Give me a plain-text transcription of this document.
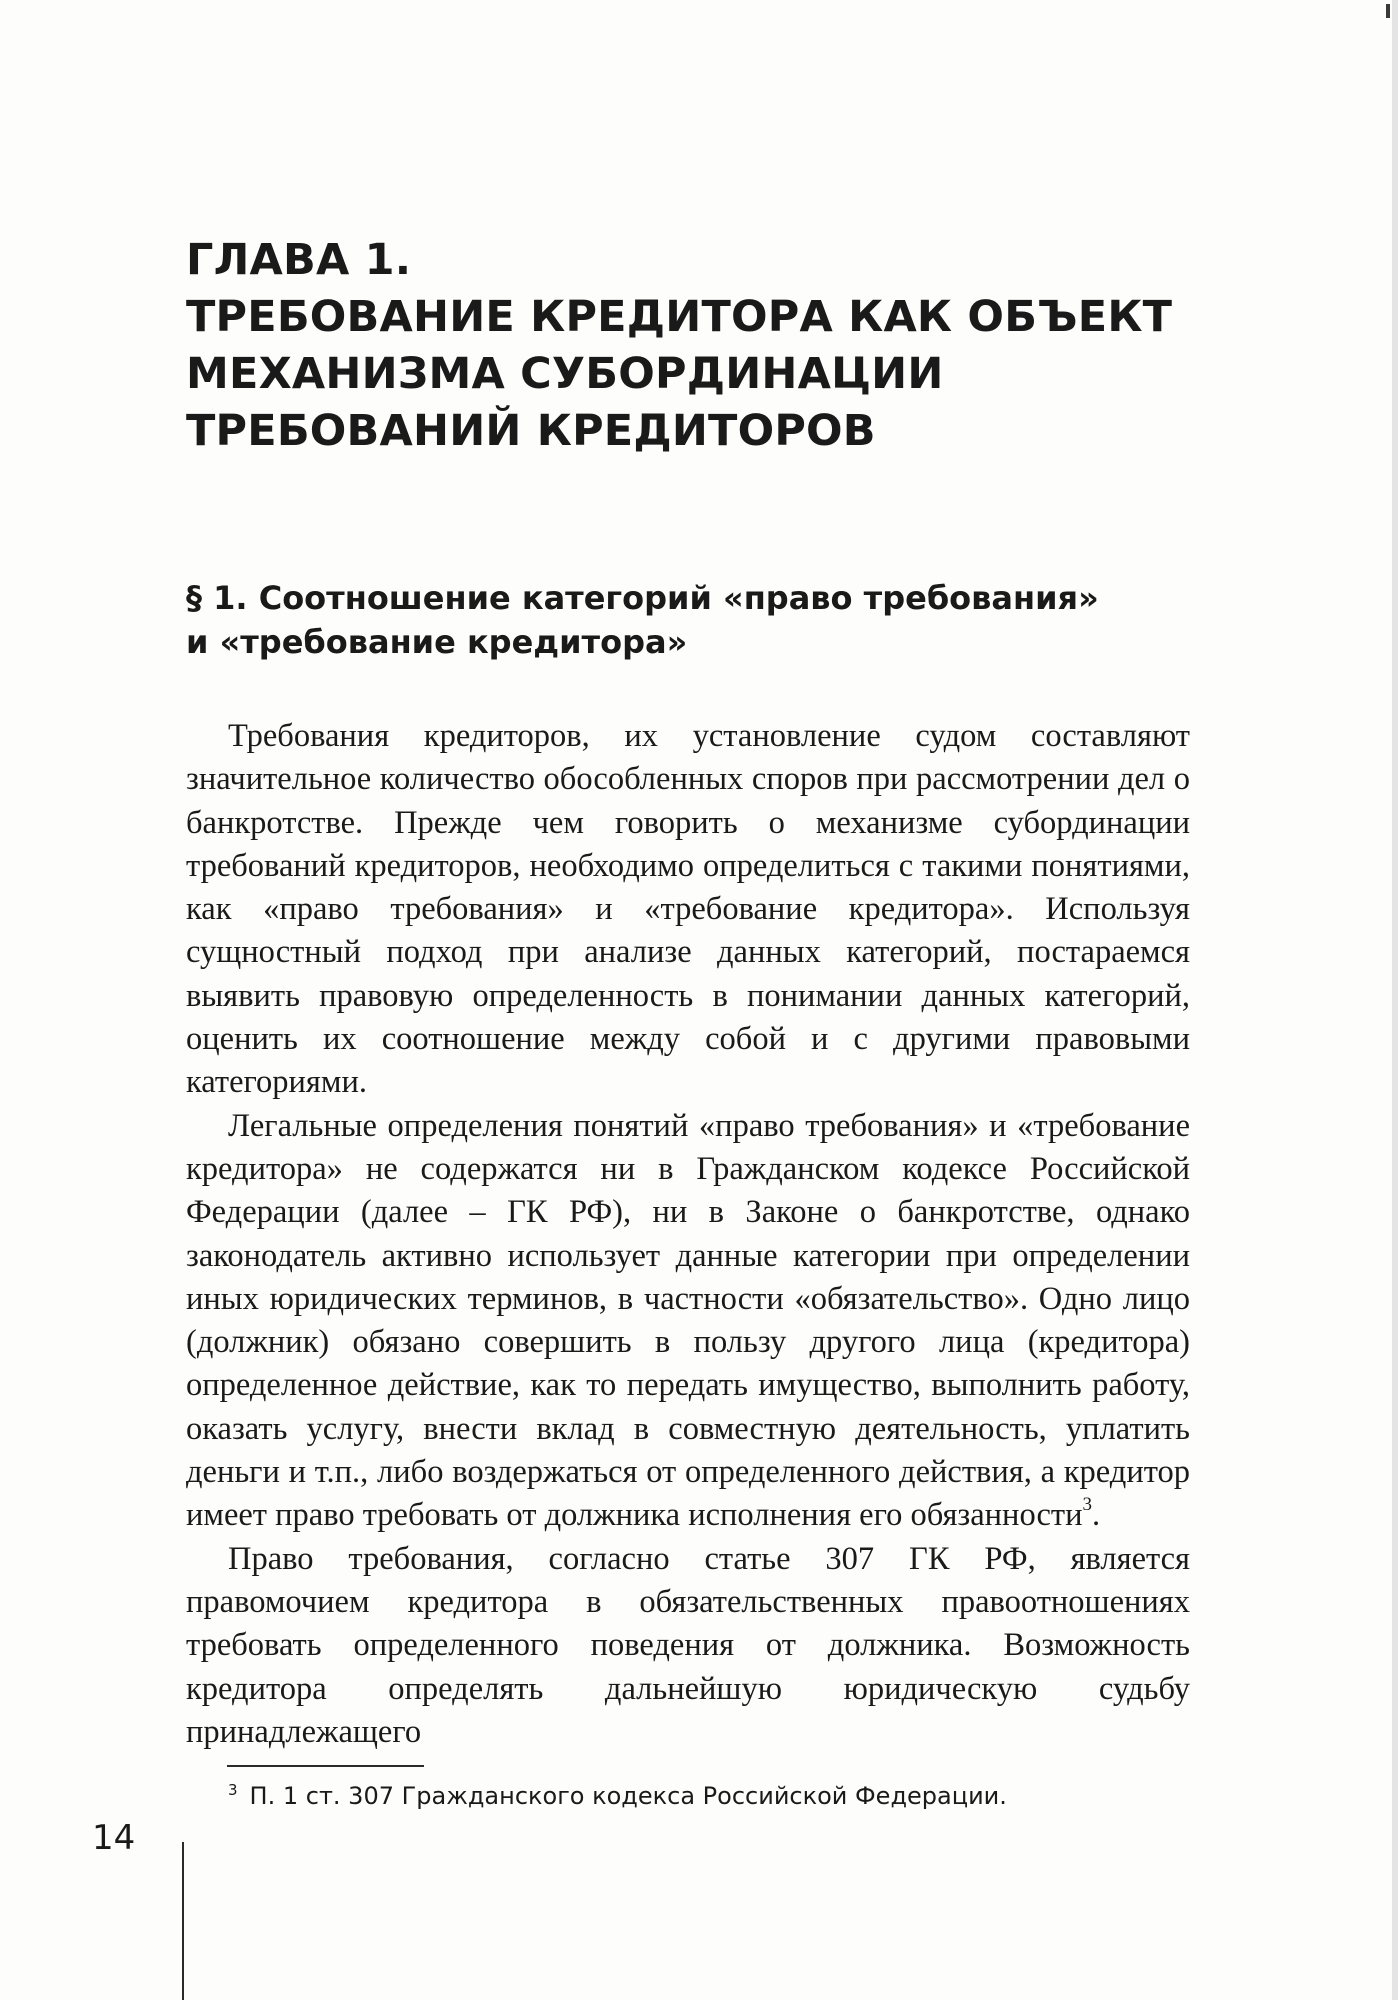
ГЛАВА 1.
ТРЕБОВАНИЕ КРЕДИТОРА КАК ОБЪЕКТ
МЕХАНИЗМА СУБОРДИНАЦИИ
ТРЕБОВАНИЙ КРЕДИТОРОВ
§ 1. Соотношение категорий «право требования»
и «требование кредитора»

Требования кредиторов, их установление судом составляют значительное количество обособленных споров при рассмотрении дел о банкротстве. Прежде чем говорить о механизме субординации требований кредиторов, необходимо определиться с такими понятиями, как «право требования» и «требование кредитора». Используя сущностный подход при анализе данных категорий, постараемся выявить правовую определенность в понимании данных категорий, оценить их соотношение между собой и с другими правовыми категориями.

Легальные определения понятий «право требования» и «требование кредитора» не содержатся ни в Гражданском кодексе Российской Федерации (далее – ГК РФ), ни в Законе о банкротстве, однако законодатель активно использует данные категории при определении иных юридических терминов, в частности «обязательство». Одно лицо (должник) обязано совершить в пользу другого лица (кредитора) определенное действие, как то передать имущество, выполнить работу, оказать услугу, внести вклад в совместную деятельность, уплатить деньги и т.п., либо воздержаться от определенного действия, а кредитор имеет право требовать от должника исполнения его обязанности$^3$.

Право требования, согласно статье 307 ГК РФ, является правомочием кредитора в обязательственных правоотношениях требовать определенного поведения от должника. Возможность кредитора определять дальнейшую юридическую судьбу принадлежащего

$^3$ П. 1 ст. 307 Гражданского кодекса Российской Федерации.
14
